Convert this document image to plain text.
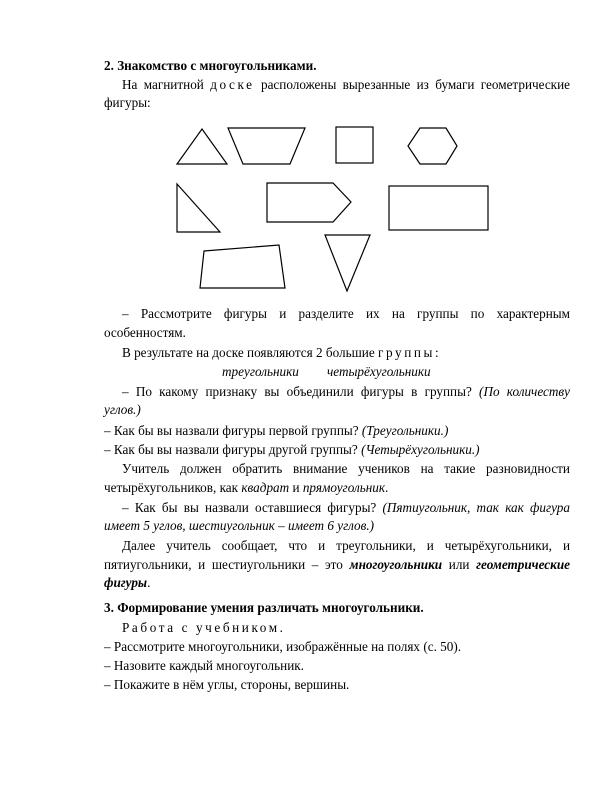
2. Знакомство с многоугольниками.
На магнитной доске расположены вырезанные из бумаги геометрические
фигуры:
– Рассмотрите фигуры и разделите их на группы по характерным
особенностям.
В результате на доске появляются 2 большие группы:
треугольники четырёхугольники
– По какому признаку вы объединили фигуры в группы? (По количеству
углов.)
– Как бы вы назвали фигуры первой группы? (Треугольники.)
– Как бы вы назвали фигуры другой группы? (Четырёхугольники.)
Учитель должен обратить внимание учеников на такие разновидности
четырёхугольников, как квадрат и прямоугольник.
– Как бы вы назвали оставшиеся фигуры? (Пятиугольник, так как фигура
имеет 5 углов, шестиугольник – имеет 6 углов.)
Далее учитель сообщает, что и треугольники, и четырёхугольники, и
пятиугольники, и шестиугольники – это многоугольники или геометрические
фигуры.
3. Формирование умения различать многоугольники.
Работа с учебником.
– Рассмотрите многоугольники, изображённые на полях (с. 50).
– Назовите каждый многоугольник.
– Покажите в нём углы, стороны, вершины.
